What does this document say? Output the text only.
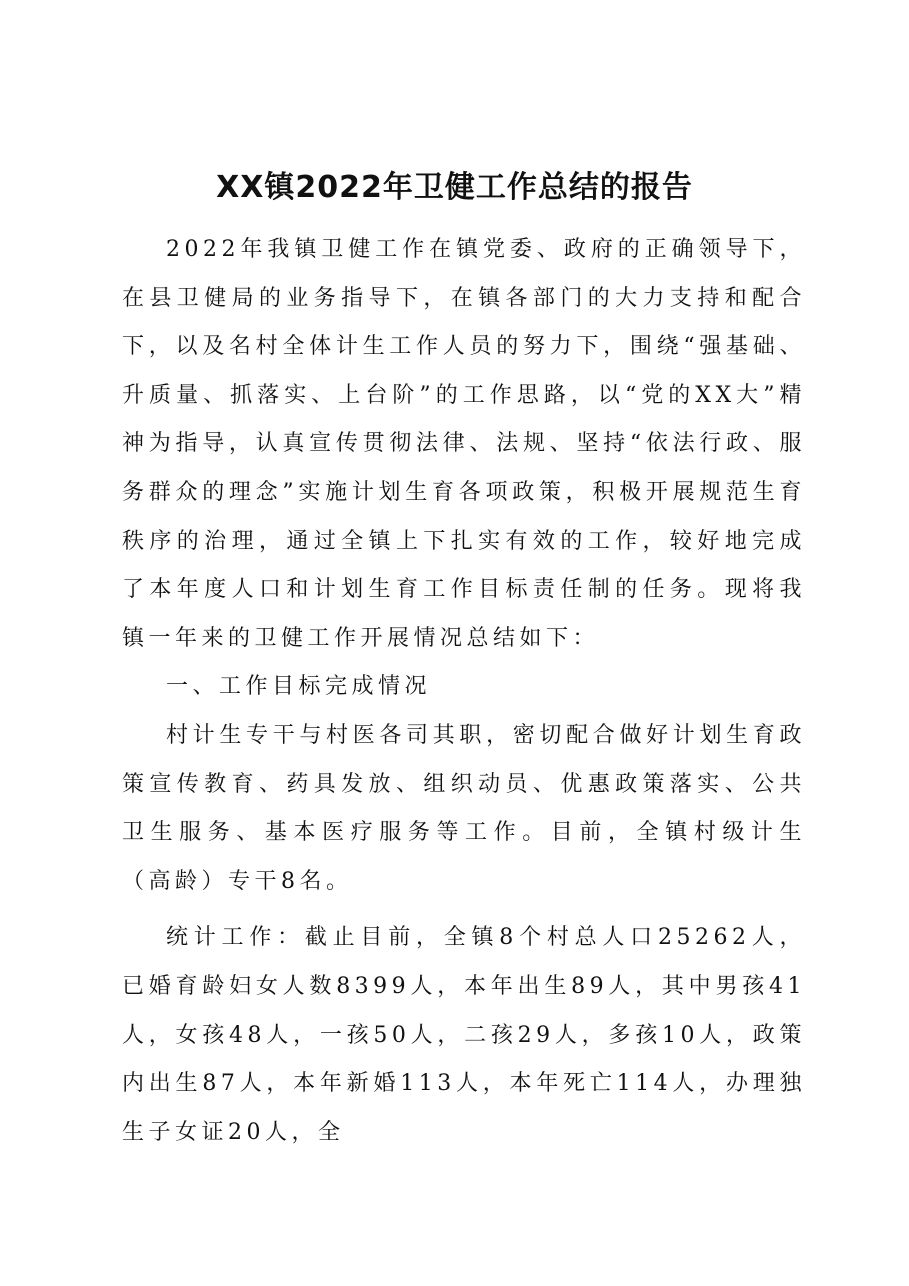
XX镇2022年卫健工作总结的报告

2022年我镇卫健工作在镇党委、政府的正确领导下，在县卫健局的业务指导下，在镇各部门的大力支持和配合下，以及名村全体计生工作人员的努力下，围绕“强基础、升质量、抓落实、上台阶”的工作思路，以“党的XX大”精神为指导，认真宣传贯彻法律、法规、坚持“依法行政、服务群众的理念”实施计划生育各项政策，积极开展规范生育秩序的治理，通过全镇上下扎实有效的工作，较好地完成了本年度人口和计划生育工作目标责任制的任务。现将我镇一年来的卫健工作开展情况总结如下：

一、工作目标完成情况

村计生专干与村医各司其职，密切配合做好计划生育政策宣传教育、药具发放、组织动员、优惠政策落实、公共卫生服务、基本医疗服务等工作。目前，全镇村级计生（高龄）专干8名。

统计工作：截止目前，全镇8个村总人口25262人，已婚育龄妇女人数8399人，本年出生89人，其中男孩41人，女孩48人，一孩50人，二孩29人，多孩10人，政策内出生87人，本年新婚113人，本年死亡114人，办理独生子女证20人，全
